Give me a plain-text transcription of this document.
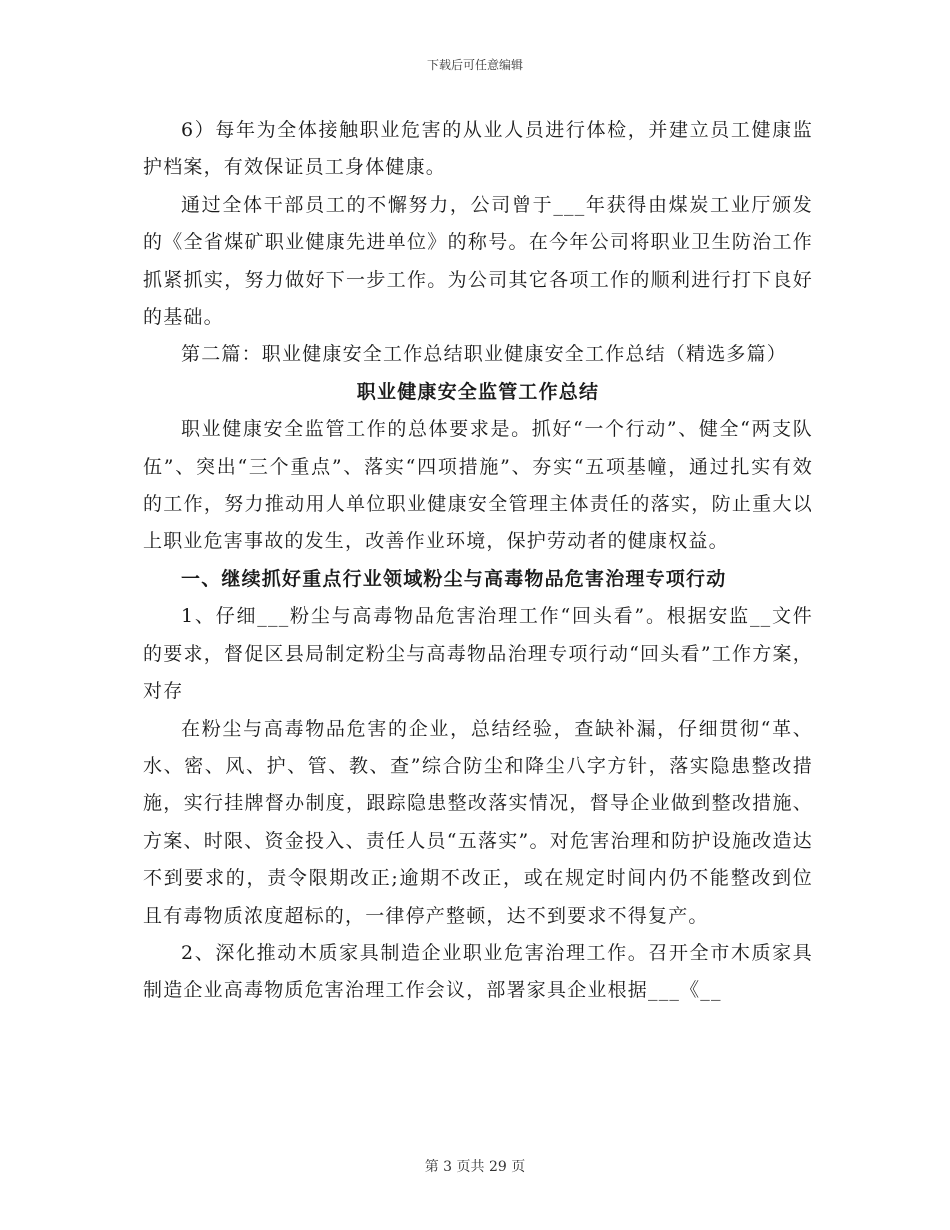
下载后可任意编辑

6）每年为全体接触职业危害的从业人员进行体检，并建立员工健康监护档案，有效保证员工身体健康。

通过全体干部员工的不懈努力，公司曾于___年获得由煤炭工业厅颁发的《全省煤矿职业健康先进单位》的称号。在今年公司将职业卫生防治工作抓紧抓实，努力做好下一步工作。为公司其它各项工作的顺利进行打下良好的基础。

第二篇：职业健康安全工作总结职业健康安全工作总结（精选多篇）

职业健康安全监管工作总结

职业健康安全监管工作的总体要求是。抓好“一个行动”、健全“两支队伍”、突出“三个重点”、落实“四项措施”、夯实“五项基幢，通过扎实有效的工作，努力推动用人单位职业健康安全管理主体责任的落实，防止重大以上职业危害事故的发生，改善作业环境，保护劳动者的健康权益。

一、继续抓好重点行业领域粉尘与高毒物品危害治理专项行动

1、仔细___粉尘与高毒物品危害治理工作“回头看”。根据安监__文件的要求，督促区县局制定粉尘与高毒物品治理专项行动“回头看”工作方案，对存

在粉尘与高毒物品危害的企业，总结经验，查缺补漏，仔细贯彻“革、水、密、风、护、管、教、查”综合防尘和降尘八字方针，落实隐患整改措施，实行挂牌督办制度，跟踪隐患整改落实情况，督导企业做到整改措施、方案、时限、资金投入、责任人员“五落实”。对危害治理和防护设施改造达不到要求的，责令限期改正;逾期不改正，或在规定时间内仍不能整改到位且有毒物质浓度超标的，一律停产整顿，达不到要求不得复产。

2、深化推动木质家具制造企业职业危害治理工作。召开全市木质家具制造企业高毒物质危害治理工作会议，部署家具企业根据___《__

第 3 页共 29 页
